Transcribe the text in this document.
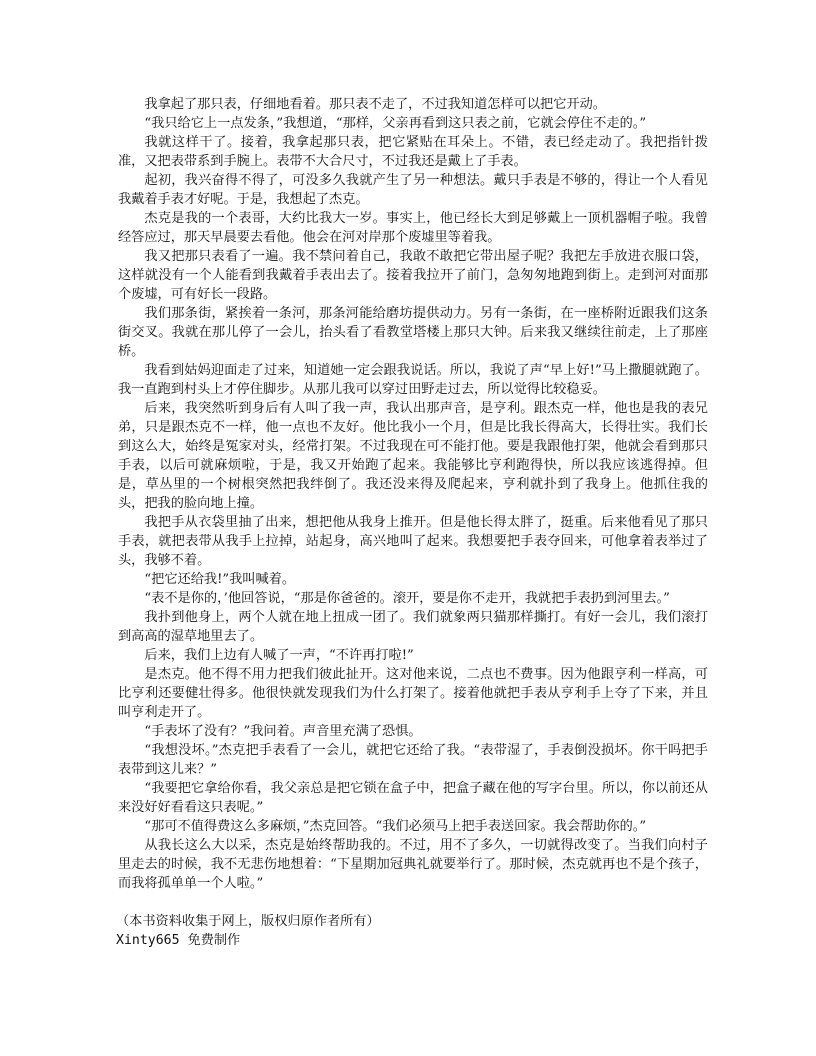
我拿起了那只表，仔细地看着。那只表不走了，不过我知道怎样可以把它开动。

“我只给它上一点发条，”我想道，“那样，父亲再看到这只表之前，它就会停住不走的。”

我就这样干了。接着，我拿起那只表，把它紧贴在耳朵上。不错，表已经走动了。我把指针拨准，又把表带系到手腕上。表带不大合尺寸，不过我还是戴上了手表。

起初，我兴奋得不得了，可没多久我就产生了另一种想法。戴只手表是不够的，得让一个人看见我戴着手表才好呢。于是，我想起了杰克。

杰克是我的一个表哥，大约比我大一岁。事实上，他已经长大到足够戴上一顶机器帽子啦。我曾经答应过，那天早晨要去看他。他会在河对岸那个废墟里等着我。

我又把那只表看了一遍。我不禁问着自己，我敢不敢把它带出屋子呢？我把左手放进衣服口袋，这样就没有一个人能看到我戴着手表出去了。接着我拉开了前门，急匆匆地跑到街上。走到河对面那个废墟，可有好长一段路。

我们那条街，紧挨着一条河，那条河能给磨坊提供动力。另有一条街，在一座桥附近跟我们这条街交叉。我就在那儿停了一会儿，抬头看了看教堂塔楼上那只大钟。后来我又继续往前走，上了那座桥。

我看到姑妈迎面走了过来，知道她一定会跟我说话。所以，我说了声“早上好!”马上撒腿就跑了。我一直跑到村头上才停住脚步。从那儿我可以穿过田野走过去，所以觉得比较稳妥。

后来，我突然听到身后有人叫了我一声，我认出那声音，是亨利。跟杰克一样，他也是我的表兄弟，只是跟杰克不一样，他一点也不友好。他比我小一个月，但是比我长得高大，长得壮实。我们长到这么大，始终是冤家对头，经常打架。不过我现在可不能打他。要是我跟他打架，他就会看到那只手表，以后可就麻烦啦，于是，我又开始跑了起来。我能够比亨利跑得快，所以我应该逃得掉。但是，草丛里的一个树根突然把我绊倒了。我还没来得及爬起来，亨利就扑到了我身上。他抓住我的头，把我的脸向地上撞。

我把手从衣袋里抽了出来，想把他从我身上推开。但是他长得太胖了，挺重。后来他看见了那只手表，就把表带从我手上拉掉，站起身，高兴地叫了起来。我想要把手表夺回来，可他拿着表举过了头，我够不着。

“把它还给我!”我叫喊着。

“表不是你的，’他回答说，“那是你爸爸的。滚开，要是你不走开，我就把手表扔到河里去。”

我扑到他身上，两个人就在地上扭成一团了。我们就象两只猫那样撕打。有好一会儿，我们滚打到高高的湿草地里去了。

后来，我们上边有人喊了一声，“不许再打啦!”

是杰克。他不得不用力把我们彼此扯开。这对他来说，二点也不费事。因为他跟亨利一样高，可比亨利还要健壮得多。他很快就发现我们为什么打架了。接着他就把手表从亨利手上夺了下来，并且叫亨利走开了。

“手表坏了没有？”我问着。声音里充满了恐惧。

“我想没坏。”杰克把手表看了一会儿，就把它还给了我。“表带湿了，手表倒没损坏。你干吗把手表带到这儿来？”

“我要把它拿给你看，我父亲总是把它锁在盒子中，把盒子藏在他的写字台里。所以，你以前还从来没好好看看这只表呢。”

“那可不值得费这么多麻烦，”杰克回答。“我们必须马上把手表送回家。我会帮助你的。”

从我长这么大以采，杰克是始终帮助我的。不过，用不了多久，一切就得改变了。当我们向村子里走去的时候，我不无悲伤地想着：“下星期加冠典礼就要举行了。那时候，杰克就再也不是个孩子，而我将孤单单一个人啦。”

（本书资料收集于网上，版权归原作者所有）
Xinty665 免费制作
